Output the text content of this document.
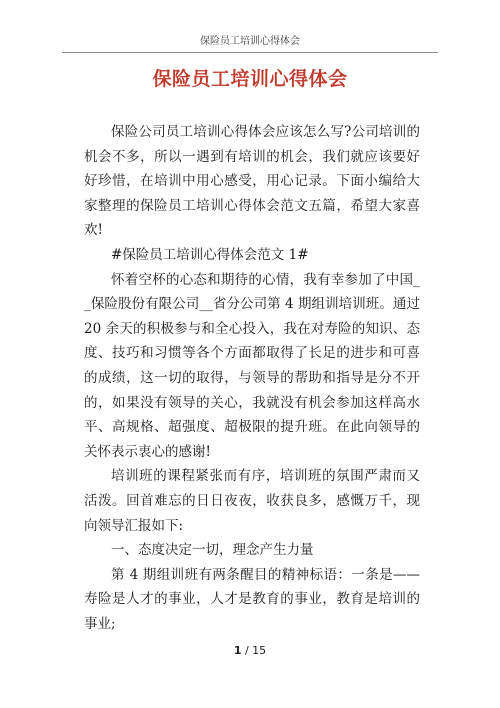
保险员工培训心得体会
保险员工培训心得体会

保险公司员工培训心得体会应该怎么写?公司培训的机会不多，所以一遇到有培训的机会，我们就应该要好好珍惜，在培训中用心感受，用心记录。下面小编给大家整理的保险员工培训心得体会范文五篇，希望大家喜欢!

#保险员工培训心得体会范文 1#

怀着空杯的心态和期待的心情，我有幸参加了中国__保险股份有限公司__省分公司第 4 期组训培训班。通过 20 余天的积极参与和全心投入，我在对寿险的知识、态度、技巧和习惯等各个方面都取得了长足的进步和可喜的成绩，这一切的取得，与领导的帮助和指导是分不开的，如果没有领导的关心，我就没有机会参加这样高水平、高规格、超强度、超极限的提升班。在此向领导的关怀表示衷心的感谢!

培训班的课程紧张而有序，培训班的氛围严肃而又活泼。回首难忘的日日夜夜，收获良多，感慨万千，现向领导汇报如下:

一、态度决定一切，理念产生力量

第 4 期组训班有两条醒目的精神标语：一条是——寿险是人才的事业，人才是教育的事业，教育是培训的事业;

1 / 15
